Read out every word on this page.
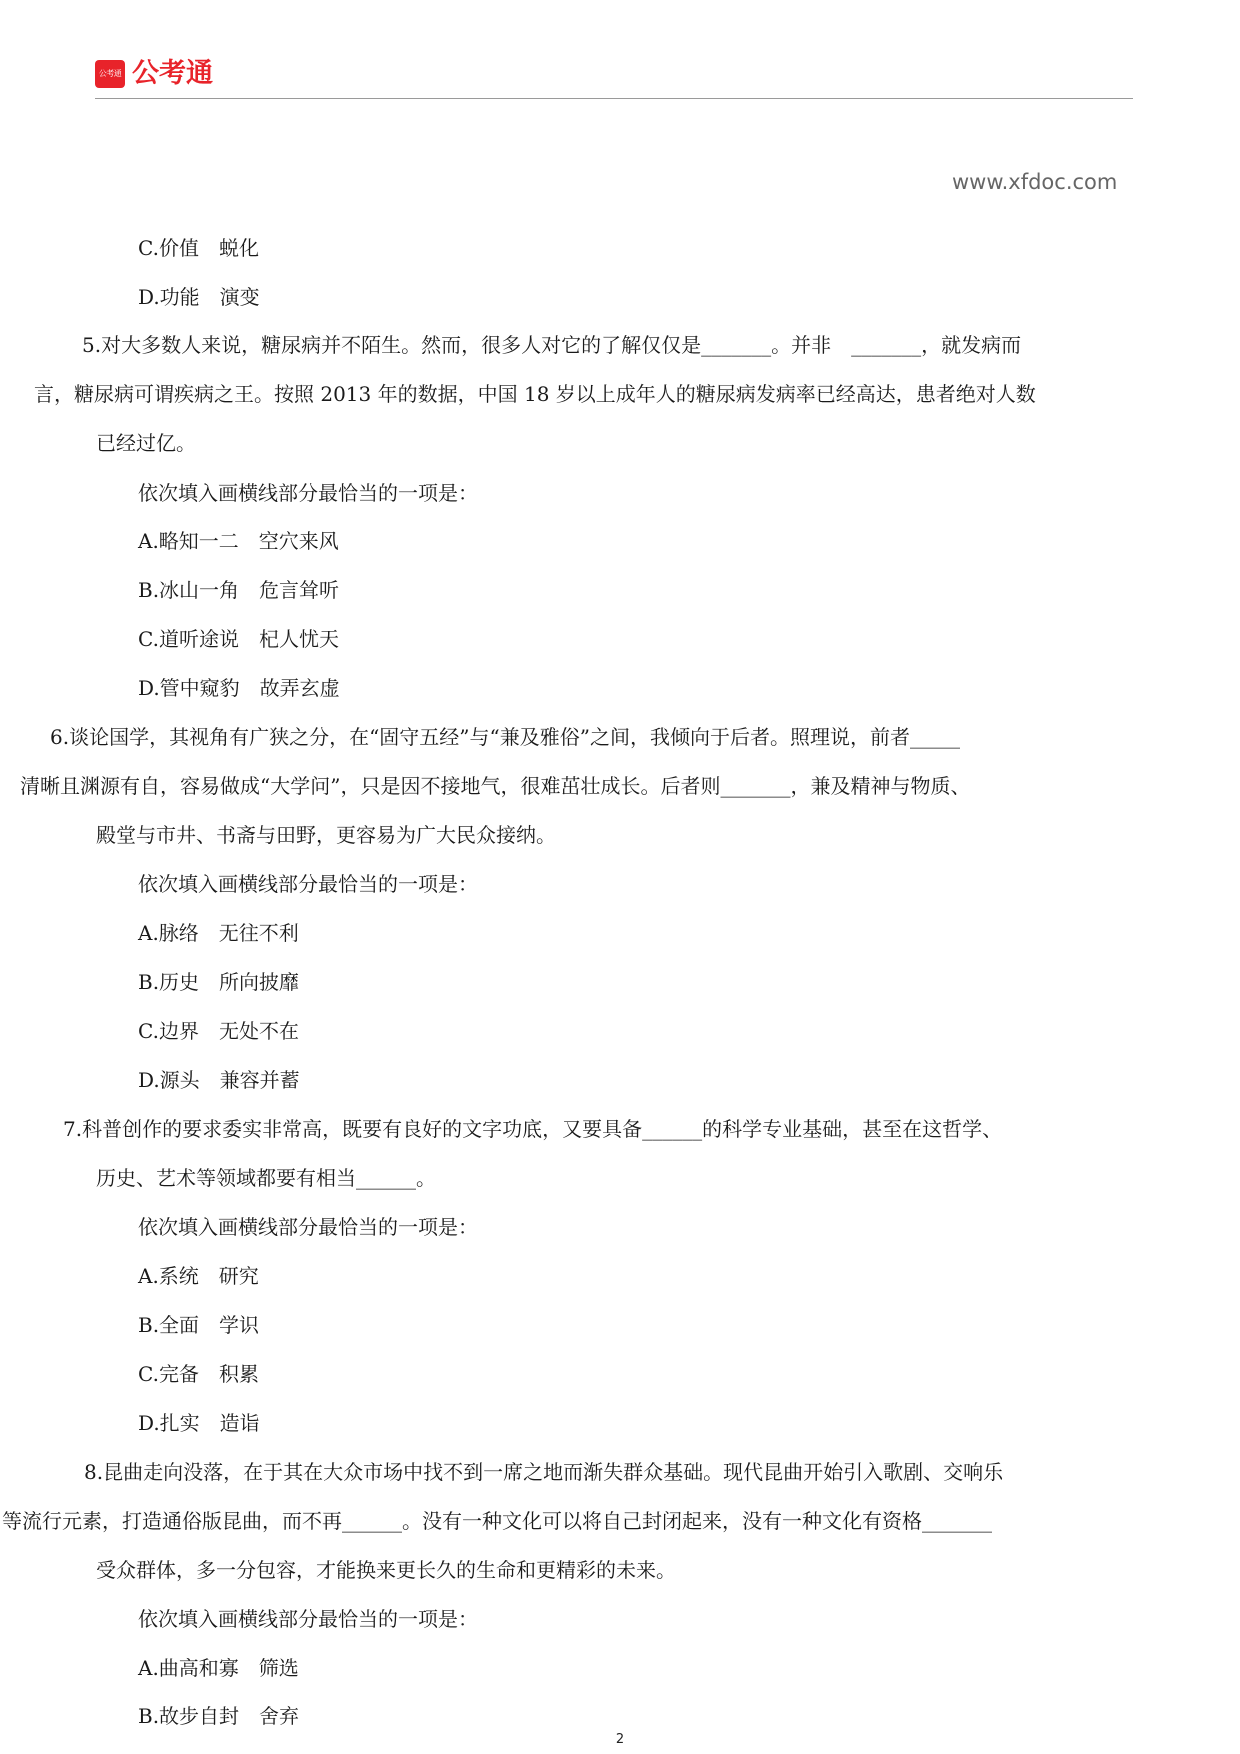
公考通 公考通
www.xfdoc.com
C.价值　蜕化
D.功能　演变
5.对大多数人来说，糖尿病并不陌生。然而，很多人对它的了解仅仅是_______。并非　_______，就发病而
言，糖尿病可谓疾病之王。按照 2013 年的数据，中国 18 岁以上成年人的糖尿病发病率已经高达，患者绝对人数
已经过亿。
依次填入画横线部分最恰当的一项是：
A.略知一二　空穴来风
B.冰山一角　危言耸听
C.道听途说　杞人忧天
D.管中窥豹　故弄玄虚
6.谈论国学，其视角有广狭之分，在“固守五经”与“兼及雅俗”之间，我倾向于后者。照理说，前者_____
清晰且渊源有自，容易做成“大学问”，只是因不接地气，很难茁壮成长。后者则_______，兼及精神与物质、
殿堂与市井、书斋与田野，更容易为广大民众接纳。
依次填入画横线部分最恰当的一项是：
A.脉络　无往不利
B.历史　所向披靡
C.边界　无处不在
D.源头　兼容并蓄
7.科普创作的要求委实非常高，既要有良好的文字功底，又要具备______的科学专业基础，甚至在这哲学、
历史、艺术等领域都要有相当______。
依次填入画横线部分最恰当的一项是：
A.系统　研究
B.全面　学识
C.完备　积累
D.扎实　造诣
8.昆曲走向没落，在于其在大众市场中找不到一席之地而渐失群众基础。现代昆曲开始引入歌剧、交响乐
等流行元素，打造通俗版昆曲，而不再______。没有一种文化可以将自己封闭起来，没有一种文化有资格_______
受众群体，多一分包容，才能换来更长久的生命和更精彩的未来。
依次填入画横线部分最恰当的一项是：
A.曲高和寡　筛选
B.故步自封　舍弃
2
